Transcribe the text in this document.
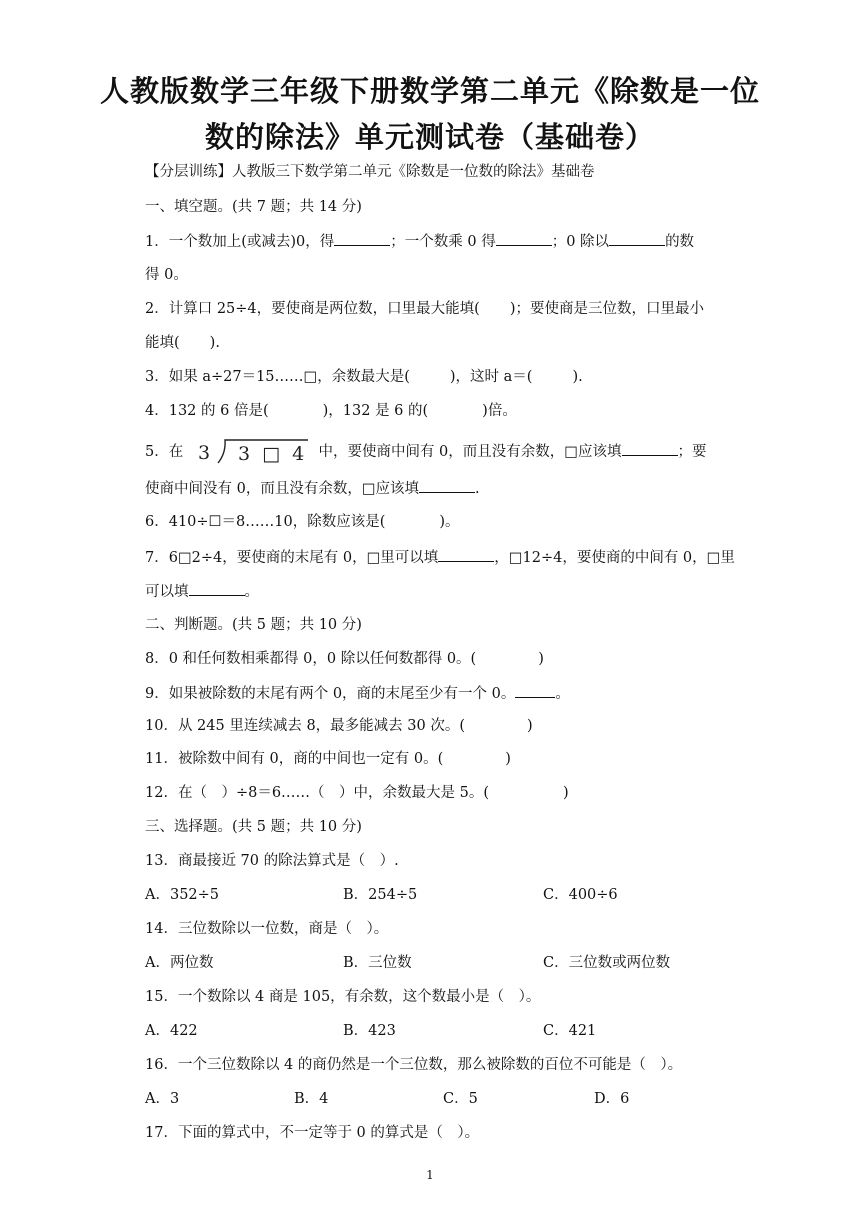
人教版数学三年级下册数学第二单元《除数是一位
数的除法》单元测试卷（基础卷）
【分层训练】人教版三下数学第二单元《除数是一位数的除法》基础卷
一、填空题。(共 7 题；共 14 分)
1．一个数加上(或减去)0，得	；一个数乘 0 得	；0 除以	的数
得 0。
2．计算口 25÷4，要使商是两位数，口里最大能填( )；要使商是三位数，口里最小
能填( ).
3．如果 a÷27＝15……□，余数最大是(	)，这时 a＝(	).
4．132 的 6 倍是(	)，132 是 6 的(	)倍。
5．在 3 3 □ 4 中，要使商中间有 0，而且没有余数，□应该填	；要
使商中间没有 0，而且没有余数，□应该填	.
6．410÷☐＝8……10，除数应该是(	)。
7．6□2÷4，要使商的末尾有 0，□里可以填	，□12÷4，要使商的中间有 0，□里
可以填	。
二、判断题。(共 5 题；共 10 分)
8．0 和任何数相乘都得 0，0 除以任何数都得 0。(	)
9．如果被除数的末尾有两个 0，商的末尾至少有一个 0。	。
10．从 245 里连续减去 8，最多能减去 30 次。(	)
11．被除数中间有 0，商的中间也一定有 0。(	)
12．在（　）÷8＝6……（　）中，余数最大是 5。(	)
三、选择题。(共 5 题；共 10 分)
13．商最接近 70 的除法算式是（　）.
A．352÷5	B．254÷5	C．400÷6
14．三位数除以一位数，商是（　）。
A．两位数	B．三位数	C．三位数或两位数
15．一个数除以 4 商是 105，有余数，这个数最小是（　）。
A．422	B．423	C．421
16．一个三位数除以 4 的商仍然是一个三位数，那么被除数的百位不可能是（　）。
A．3	B．4	C．5	D．6
17．下面的算式中，不一定等于 0 的算式是（　）。
1
